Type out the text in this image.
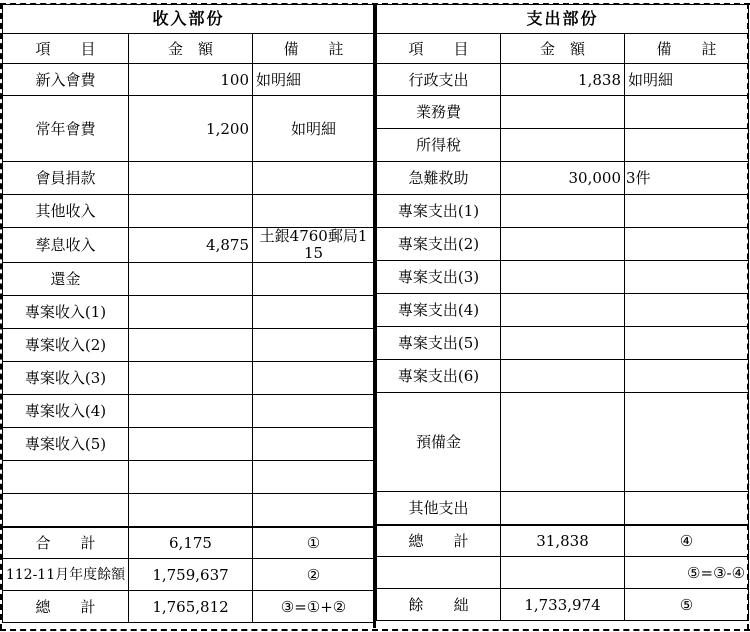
收入部份		
項　　目	金　額	備　　註
新入會費	100	如明細
常年會費	1,200	如明細
會員捐款		
其他收入		
孳息收入	4,875	土銀4760郵局115
還金		
專案收入(1)		
專案收入(2)		
專案收入(3)		
專案收入(4)		
專案收入(5)		

合　　計	6,175	①
112-11月年度餘額	1,759,637	②
總　　計	1,765,812	③=①+②
支出部份		
項　　目	金　額	備　　註
行政支出	1,838	如明細
業務費		
所得稅		
急難救助	30,000	3件
專案支出(1)		
專案支出(2)		
專案支出(3)		
專案支出(4)		
專案支出(5)		
專案支出(6)		
預備金		
其他支出		
總　　計	31,838	④
		⑤=③-④
餘　　絀	1,733,974	⑤
